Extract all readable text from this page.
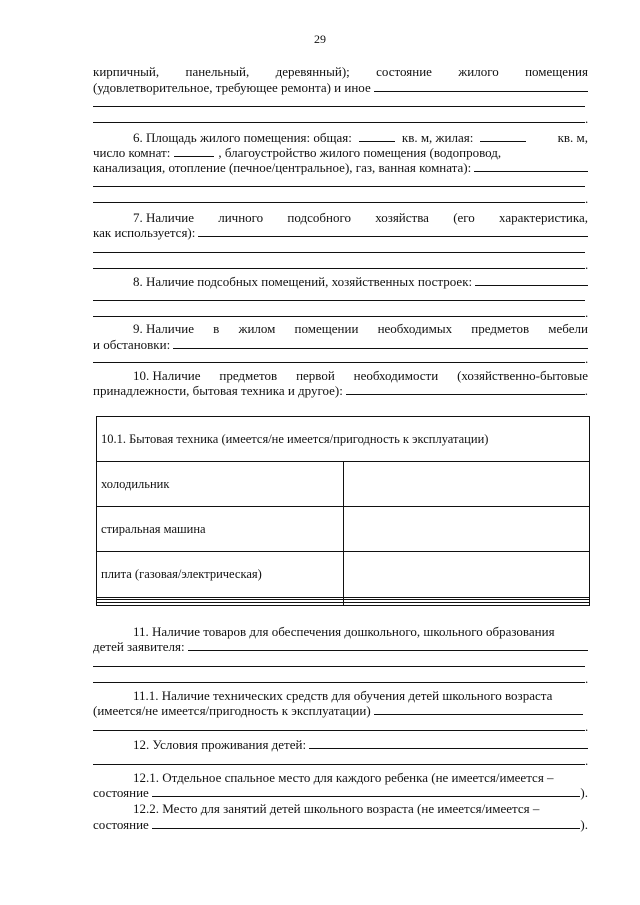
29
кирпичный, панельный, деревянный); состояние жилого помещения
(удовлетворительное, требующее ремонта) и иное
.
6. Площадь жилого помещения: общая:	кв. м, жилая:	кв. м,
число комнат:	, благоустройство жилого помещения (водопровод,
канализация, отопление (печное/центральное), газ, ванная комната):
.
7. Наличие личного подсобного хозяйства (его характеристика,
как используется):
.
8. Наличие подсобных помещений, хозяйственных построек:
.
9. Наличие в жилом помещении необходимых предметов мебели
и обстановки:
.
10. Наличие предметов первой необходимости (хозяйственно-бытовые
принадлежности, бытовая техника и другое):	.
10.1. Бытовая техника (имеется/не имеется/пригодность к эксплуатации)	
холодильник	
стиральная машина	
плита (газовая/электрическая)	

11. Наличие товаров для обеспечения дошкольного, школьного образования
детей заявителя:
.
11.1. Наличие технических средств для обучения детей школьного возраста
(имеется/не имеется/пригодность к эксплуатации)
.
12. Условия проживания детей:
.
12.1. Отдельное спальное место для каждого ребенка (не имеется/имеется –
состояние	).
12.2. Место для занятий детей школьного возраста (не имеется/имеется –
состояние	).
